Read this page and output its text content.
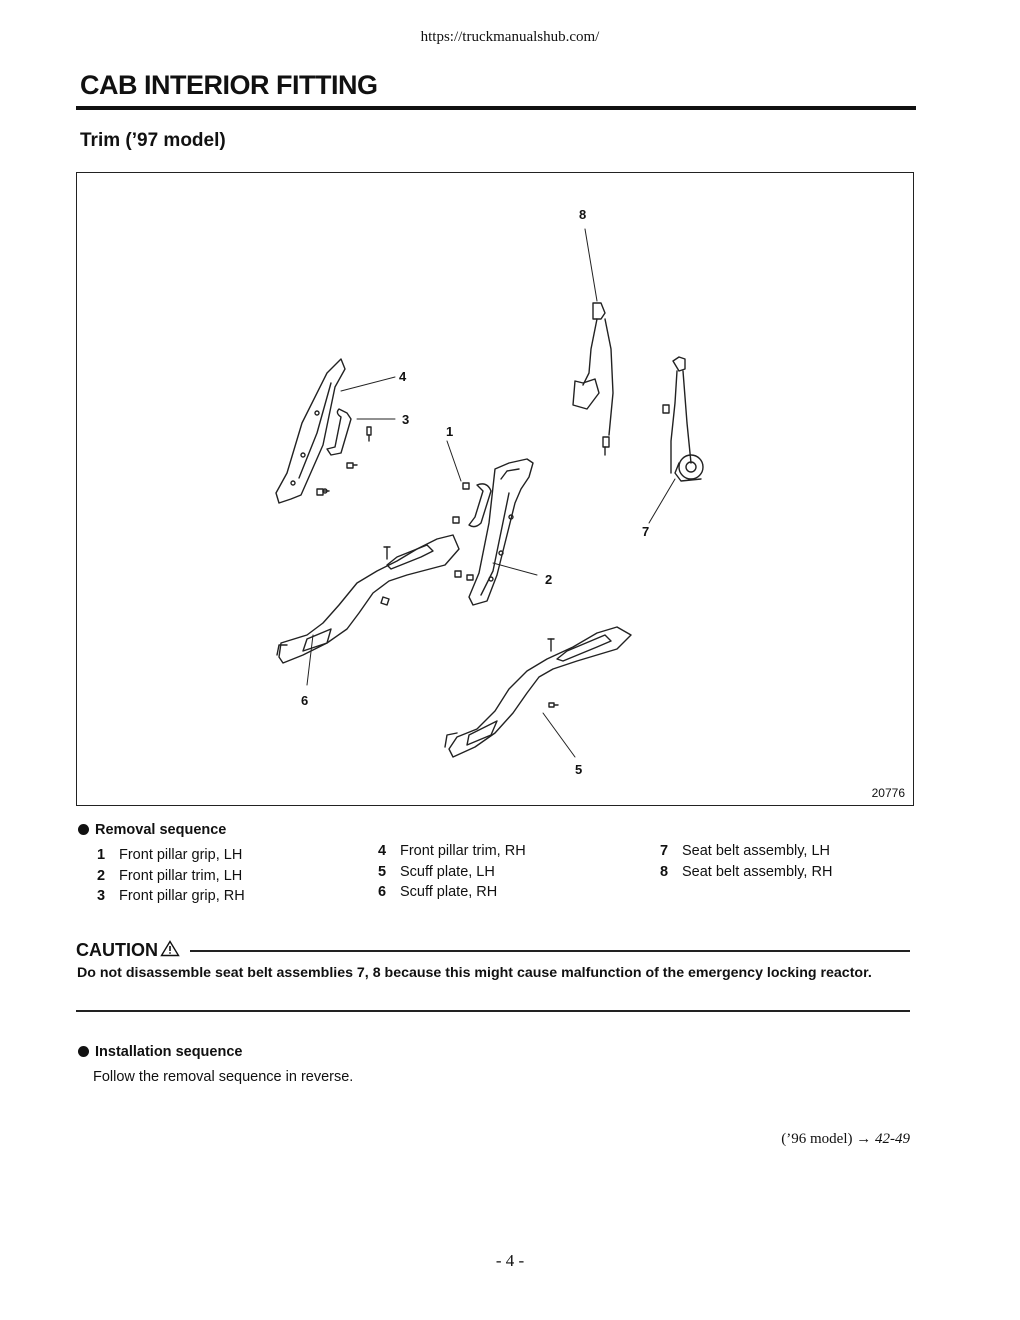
https://truckmanualshub.com/
CAB INTERIOR FITTING
Trim (’97 model)
8
4
3
1
2
6
5
7
20776
Removal sequence
1 Front pillar grip, LH
2 Front pillar trim, LH
3 Front pillar grip, RH
4 Front pillar trim, RH
5 Scuff plate, LH
6 Scuff plate, RH
7 Seat belt assembly, LH
8 Seat belt assembly, RH
CAUTION
Do not disassemble seat belt assemblies 7, 8 because this might cause malfunction of the emergency locking reactor.
Installation sequence
Follow the removal sequence in reverse.
(’96 model) → 42-49
- 4 -
